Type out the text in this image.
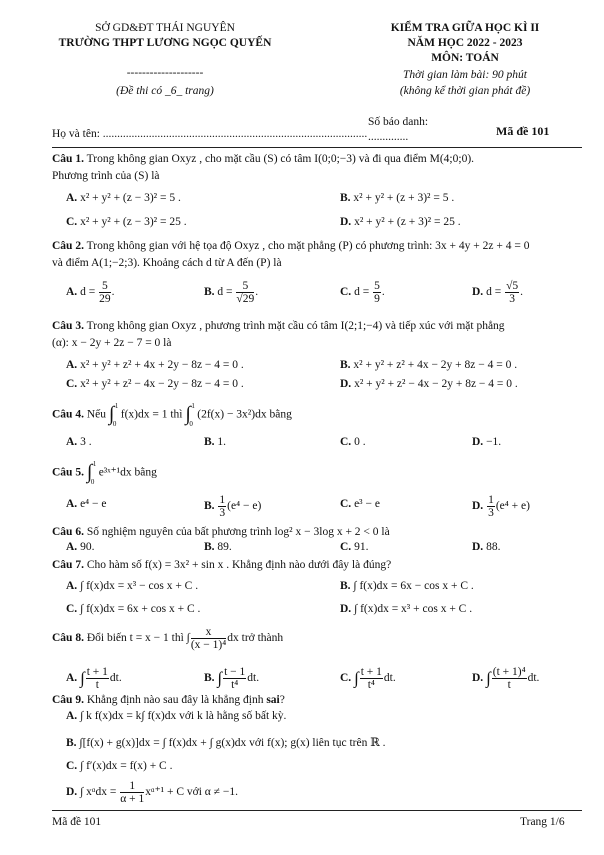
SỞ GD&ĐT THÁI NGUYÊN
TRƯỜNG THPT LƯƠNG NGỌC QUYẾN
--------------------
(Đề thi có _6_ trang)
KIỂM TRA GIỮA HỌC KÌ II
NĂM HỌC 2022 - 2023
MÔN: TOÁN
Thời gian làm bài: 90 phút
(không kể thời gian phát đề)
Họ và tên: ............................................................................................
Số báo danh:
..............	Mã đề 101
Câu 1. Trong không gian Oxyz , cho mặt cầu (S) có tâm I(0;0;−3) và đi qua điểm M(4;0;0).
Phương trình của (S) là
A. x² + y² + (z − 3)² = 5 .	B. x² + y² + (z + 3)² = 5 .
C. x² + y² + (z − 3)² = 25 .	D. x² + y² + (z + 3)² = 25 .
Câu 2. Trong không gian với hệ tọa độ Oxyz , cho mặt phẳng (P) có phương trình: 3x + 4y + 2z + 4 = 0
và điểm A(1;−2;3). Khoảng cách d từ A đến (P) là
A. $d = \frac{5}{29}$ .	B. $d = \frac{5}{√29}$ .	C. $d = \frac{5}{9}$ .	D. $d = \frac{√5}{3}$ .
Câu 3. Trong không gian Oxyz , phương trình mặt cầu có tâm I(2;1;−4) và tiếp xúc với mặt phẳng
(α): x − 2y + 2z − 7 = 0 là
A. x² + y² + z² + 4x + 2y − 8z − 4 = 0 .	B. x² + y² + z² + 4x − 2y + 8z − 4 = 0 .
C. x² + y² + z² − 4x − 2y − 8z − 4 = 0 .	D. x² + y² + z² − 4x − 2y + 8z − 4 = 0 .
Câu 4. Nếu ∫ 1
0
f(x)dx = 1 thì ∫ 1
0
(2f(x) − 3x²)dx bằng
A. 3 .	B. 1.	C. 0 .	D. −1.
Câu 5. ∫ 1
0
e³ˣ⁺¹dx bằng
A. e⁴ − e	B. $\frac{1}{3} (e^4 - e)$	C. e³ − e	D. $\frac{1}{3} (e^4 + e)$
Câu 6. Số nghiệm nguyên của bất phương trình log² x − 3log x + 2 < 0 là
A. 90.	B. 89.	C. 91.	D. 88.
Câu 7. Cho hàm số f(x) = 3x² + sin x . Khẳng định nào dưới đây là đúng?
A. ∫ f(x)dx = x³ − cos x + C .	B. ∫ f(x)dx = 6x − cos x + C .
C. ∫ f(x)dx = 6x + cos x + C .	D. ∫ f(x)dx = x³ + cos x + C .
Câu 8. Đổi biến t = x − 1 thì ∫ $\frac{x}{\text{(x − 1)⁴}}$ dx trở thành
A. ∫ $\frac{t + 1}{t}$ dt.	B. ∫ $\frac{t - 1}{\text{t⁴}}$ dt.	C. ∫ $\frac{t + 1}{\text{t⁴}}$ dt.	D. ∫ $\frac{\text{(t + 1)⁴}}{t}$ dt.
Câu 9. Khẳng định nào sau đây là khẳng định sai?
A. ∫ k f(x)dx = k∫ f(x)dx với k là hằng số bất kỳ.
B. ∫[f(x) + g(x)]dx = ∫ f(x)dx + ∫ g(x)dx với f(x); g(x) liên tục trên ℝ .
C. ∫ f′(x)dx = f(x) + C .
D. ∫ xᵅdx = $\frac{1}{\alpha + 1}$ xᵅ⁺¹ + C với α ≠ −1.
Mã đề 101	Trang 1/6
